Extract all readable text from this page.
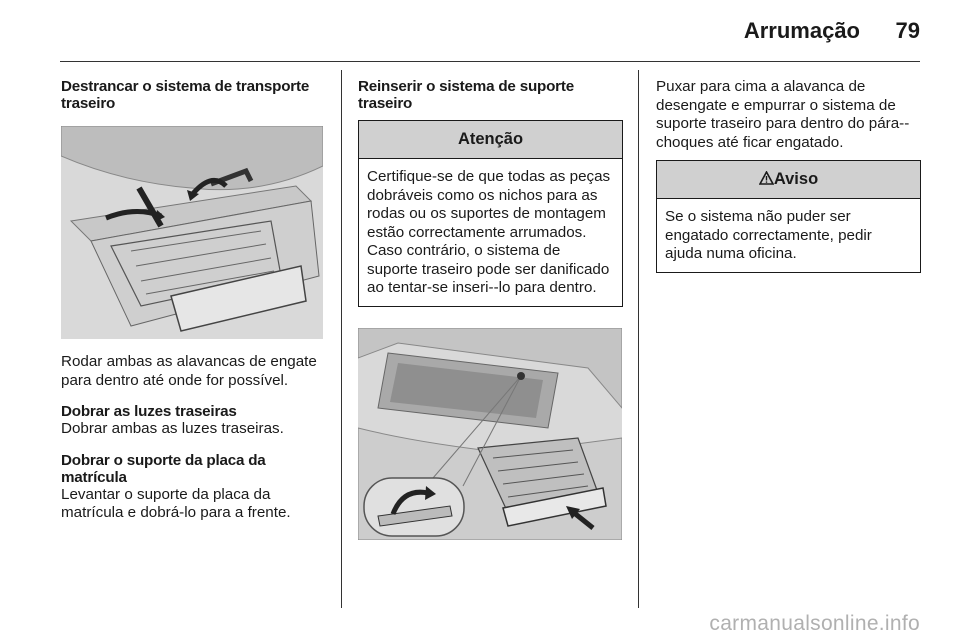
Arrumação 79
Destrancar o sistema de transporte traseiro

Rodar ambas as alavancas de engate para dentro até onde for possível.

Dobrar as luzes traseiras

Dobrar ambas as luzes traseiras.

Dobrar o suporte da placa da matrícula

Levantar o suporte da placa da matrícula e dobrá-lo para a frente.

Reinserir o sistema de suporte traseiro
Atenção
Certifique-se de que todas as peças dobráveis como os nichos para as rodas ou os suportes de montagem estão correctamente arrumados. Caso contrário, o sistema de suporte traseiro pode ser danificado ao tentar-se inseri--lo para dentro.

Puxar para cima a alavanca de desengate e empurrar o sistema de suporte traseiro para dentro do pára--choques até ficar engatado.

Aviso
Se o sistema não puder ser engatado correctamente, pedir ajuda numa oficina.
carmanualsonline.info
